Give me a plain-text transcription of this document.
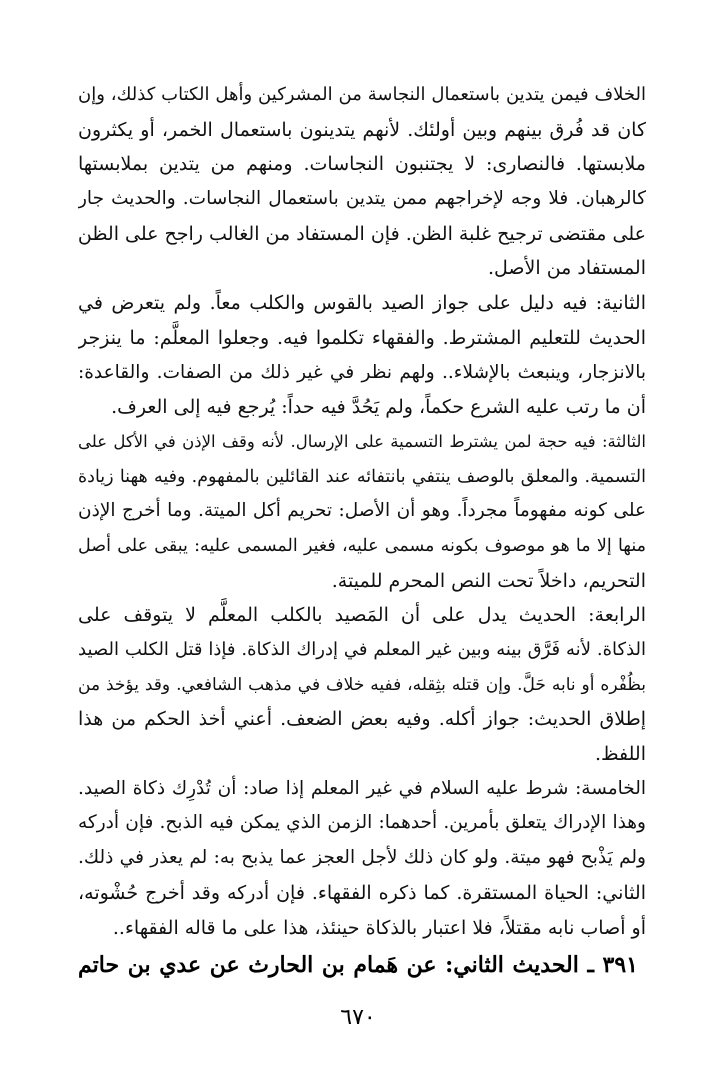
الخلاف فيمن يتدين باستعمال النجاسة من المشركين وأهل الكتاب كذلك، وإن
كان قد فُرق بينهم وبين أولئك. لأنهم يتدينون باستعمال الخمر، أو يكثرون
ملابستها. فالنصارى: لا يجتنبون النجاسات. ومنهم من يتدين بملابستها
كالرهبان. فلا وجه لإخراجهم ممن يتدين باستعمال النجاسات. والحديث جار
على مقتضى ترجيح غلبة الظن. فإن المستفاد من الغالب راجح على الظن
المستفاد من الأصل.
الثانية: فيه دليل على جواز الصيد بالقوس والكلب معاً. ولم يتعرض في
الحديث للتعليم المشترط. والفقهاء تكلموا فيه. وجعلوا المعلَّم: ما ينزجر
بالانزجار، وينبعث بالإشلاء.. ولهم نظر في غير ذلك من الصفات. والقاعدة:
أن ما رتب عليه الشرع حكماً، ولم يَحُدَّ فيه حداً: يُرجع فيه إلى العرف.
الثالثة: فيه حجة لمن يشترط التسمية على الإرسال. لأنه وقف الإذن في الأكل على
التسمية. والمعلق بالوصف ينتفي بانتفائه عند القائلين بالمفهوم. وفيه ههنا زيادة
على كونه مفهوماً مجرداً. وهو أن الأصل: تحريم أكل الميتة. وما أخرج الإذن
منها إلا ما هو موصوف بكونه مسمى عليه، فغير المسمى عليه: يبقى على أصل
التحريم، داخلاً تحت النص المحرم للميتة.
الرابعة: الحديث يدل على أن المَصيد بالكلب المعلَّم لا يتوقف على
الذكاة. لأنه فَرَّق بينه وبين غير المعلم في إدراك الذكاة. فإذا قتل الكلب الصيد
بظُفْره أو نابه حَلَّ. وإن قتله بثِقله، ففيه خلاف في مذهب الشافعي. وقد يؤخذ من
إطلاق الحديث: جواز أكله. وفيه بعض الضعف. أعني أخذ الحكم من هذا
اللفظ.
الخامسة: شرط عليه السلام في غير المعلم إذا صاد: أن تُدْرِك ذكاة الصيد.
وهذا الإدراك يتعلق بأمرين. أحدهما: الزمن الذي يمكن فيه الذبح. فإن أدركه
ولم يَذْبح فهو ميتة. ولو كان ذلك لأجل العجز عما يذبح به: لم يعذر في ذلك.
الثاني: الحياة المستقرة. كما ذكره الفقهاء. فإن أدركه وقد أخرج حُشْوته،
أو أصاب نابه مقتلاً، فلا اعتبار بالذكاة حينئذ، هذا على ما قاله الفقهاء..
٣٩١ ـ الحديث الثاني: عن هَمام بن الحارث عن عدي بن حاتم
٦٧٠
